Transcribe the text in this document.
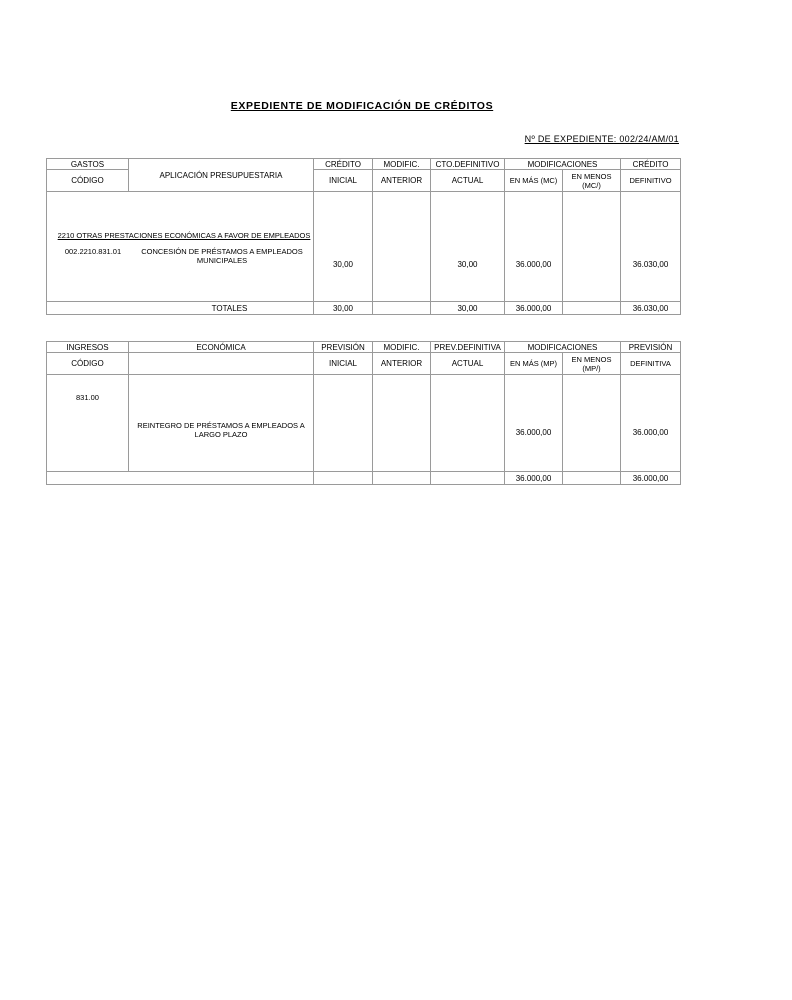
EXPEDIENTE DE MODIFICACIÓN DE CRÉDITOS
Nº DE EXPEDIENTE: 002/24/AM/01
GASTOS	APLICACIÓN PRESUPUESTARIA	CRÉDITO	MODIFIC.	CTO.DEFINITIVO	MODIFICACIONES		CRÉDITO
CÓDIGO		INICIAL	ANTERIOR	ACTUAL	EN MÁS (MC)	EN MENOS (MC/)	DEFINITIVO

2210 OTRAS PRESTACIONES ECONÓMICAS A FAVOR DE EMPLEADOS
002.2210.831.01 CONCESIÓN DE PRÉSTAMOS A EMPLEADOS MUNICIPALES		30,00		30,00	36.000,00		36.030,00
TOTALES		30,00		30,00	36.000,00		36.030,00
INGRESOS	ECONÓMICA	PREVISIÓN	MODIFIC.	PREV.DEFINITIVA	MODIFICACIONES		PREVISIÓN
CÓDIGO		INICIAL	ANTERIOR	ACTUAL	EN MÁS (MP)	EN MENOS (MP/)	DEFINITIVA
831.00	REINTEGRO DE PRÉSTAMOS A EMPLEADOS A LARGO PLAZO				36.000,00		36.000,00
					36.000,00		36.000,00
